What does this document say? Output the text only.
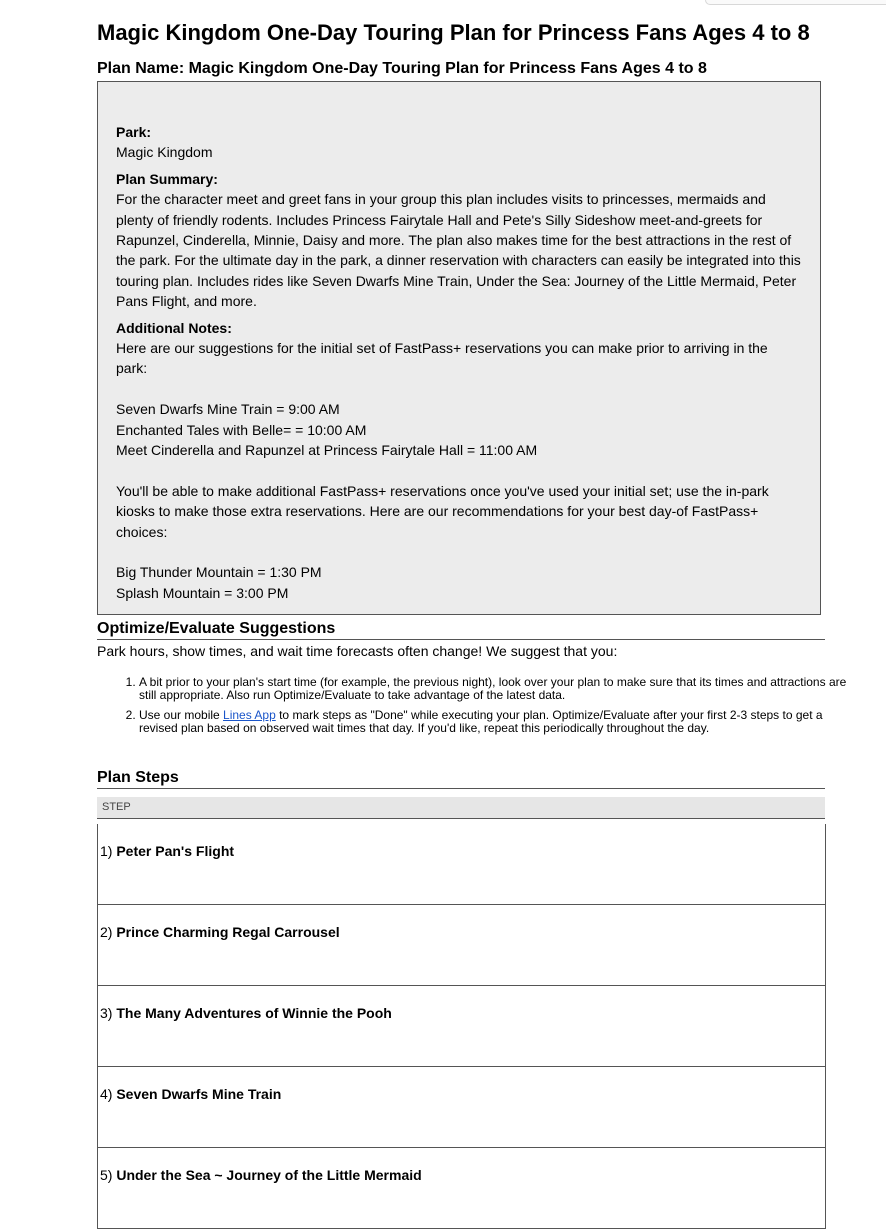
Magic Kingdom One-Day Touring Plan for Princess Fans Ages 4 to 8
Plan Name: Magic Kingdom One-Day Touring Plan for Princess Fans Ages 4 to 8
Park:
Magic Kingdom
Plan Summary:
For the character meet and greet fans in your group this plan includes visits to princesses, mermaids and plenty of friendly rodents. Includes Princess Fairytale Hall and Pete's Silly Sideshow meet-and-greets for Rapunzel, Cinderella, Minnie, Daisy and more. The plan also makes time for the best attractions in the rest of the park. For the ultimate day in the park, a dinner reservation with characters can easily be integrated into this touring plan. Includes rides like Seven Dwarfs Mine Train, Under the Sea: Journey of the Little Mermaid, Peter Pans Flight, and more.
Additional Notes:
Here are our suggestions for the initial set of FastPass+ reservations you can make prior to arriving in the park:
Seven Dwarfs Mine Train = 9:00 AM
Enchanted Tales with Belle= = 10:00 AM
Meet Cinderella and Rapunzel at Princess Fairytale Hall = 11:00 AM
You'll be able to make additional FastPass+ reservations once you've used your initial set; use the in-park kiosks to make those extra reservations. Here are our recommendations for your best day-of FastPass+ choices:
Big Thunder Mountain = 1:30 PM
Splash Mountain = 3:00 PM
Optimize/Evaluate Suggestions
Park hours, show times, and wait time forecasts often change! We suggest that you:
1. A bit prior to your plan's start time (for example, the previous night), look over your plan to make sure that its times and attractions are still appropriate. Also run Optimize/Evaluate to take advantage of the latest data.
2. Use our mobile Lines App to mark steps as "Done" while executing your plan. Optimize/Evaluate after your first 2-3 steps to get a revised plan based on observed wait times that day. If you'd like, repeat this periodically throughout the day.
Plan Steps
STEP
1) Peter Pan's Flight
2) Prince Charming Regal Carrousel
3) The Many Adventures of Winnie the Pooh
4) Seven Dwarfs Mine Train
5) Under the Sea ~ Journey of the Little Mermaid
